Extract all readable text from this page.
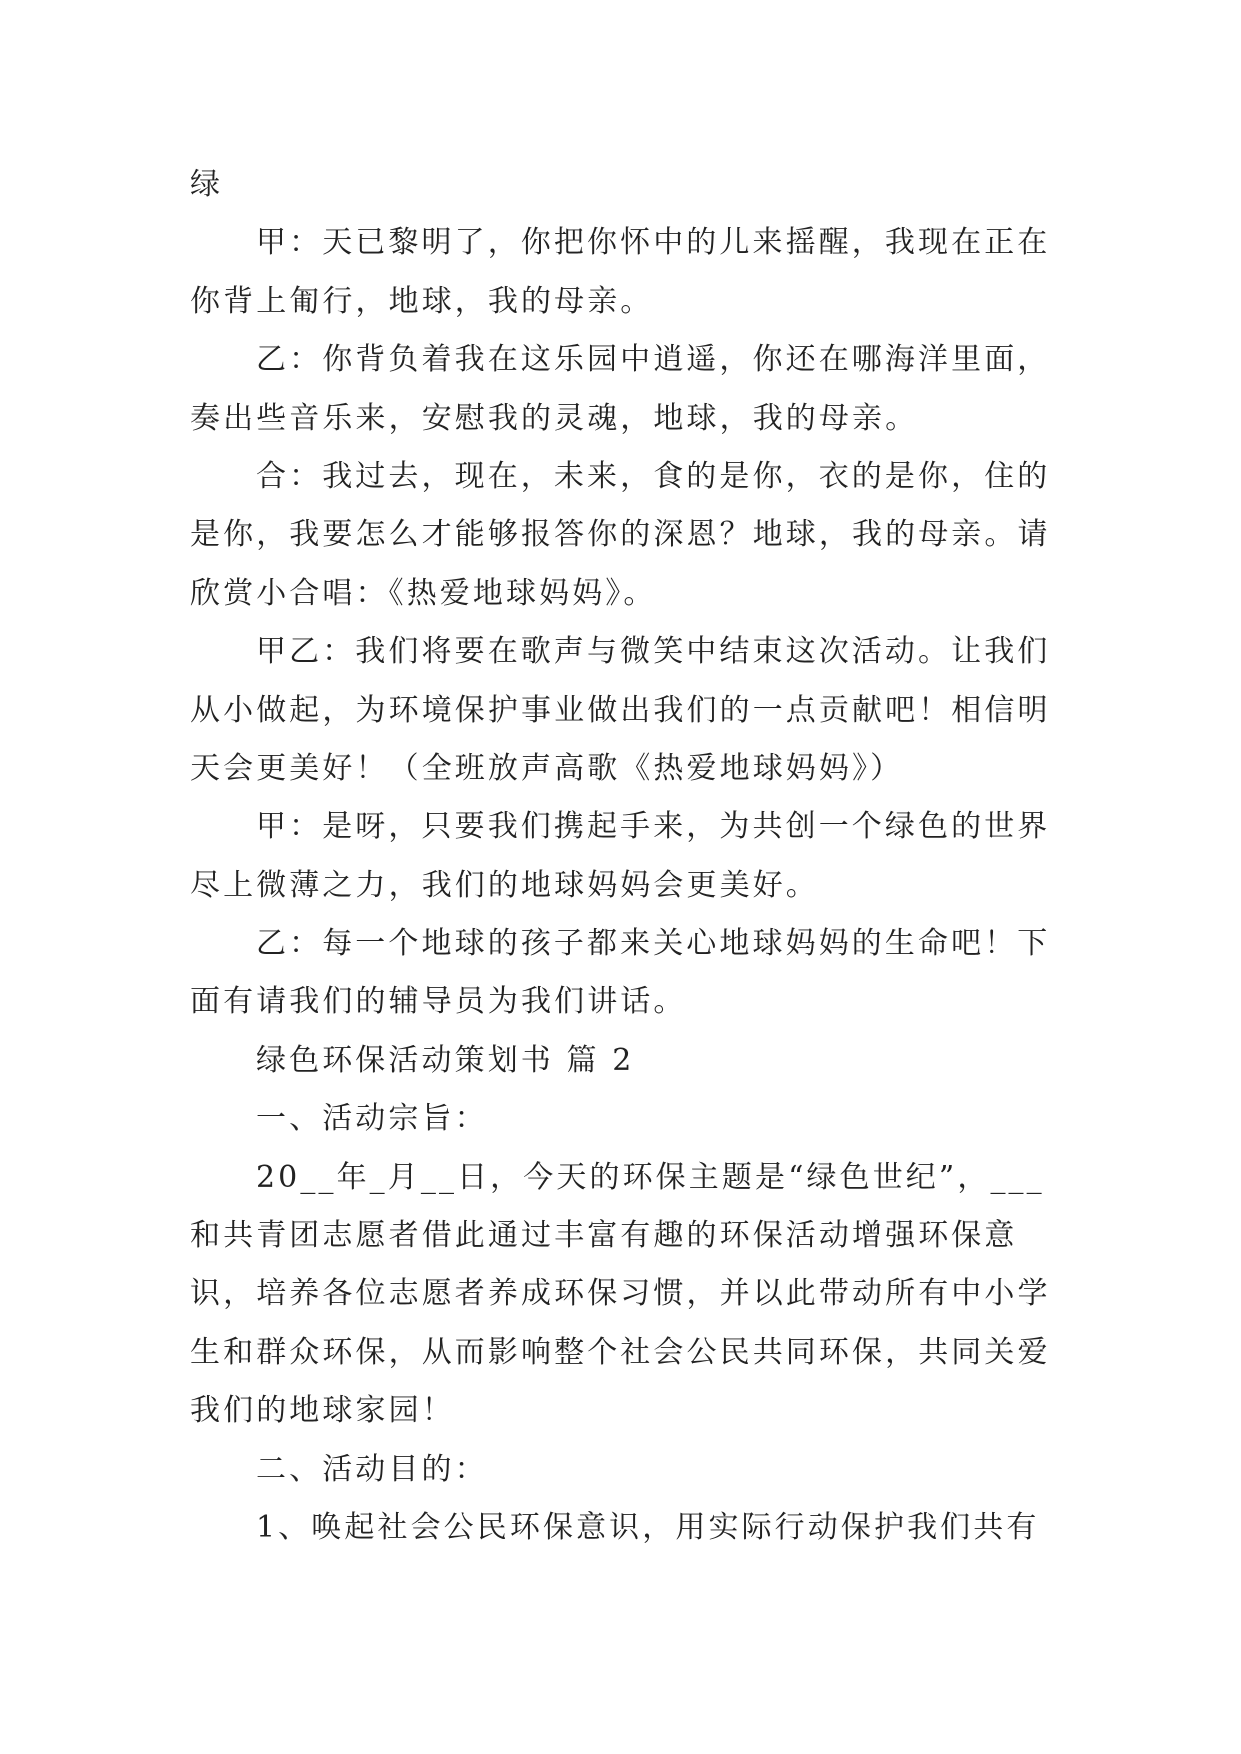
绿
甲：天已黎明了，你把你怀中的儿来摇醒，我现在正在
你背上匍行，地球，我的母亲。
乙：你背负着我在这乐园中逍遥，你还在哪海洋里面，
奏出些音乐来，安慰我的灵魂，地球，我的母亲。
合：我过去，现在，未来，食的是你，衣的是你，住的
是你，我要怎么才能够报答你的深恩？地球，我的母亲。请
欣赏小合唱：《热爱地球妈妈》。
甲乙：我们将要在歌声与微笑中结束这次活动。让我们
从小做起，为环境保护事业做出我们的一点贡献吧！相信明
天会更美好！（全班放声高歌《热爱地球妈妈》）
甲：是呀，只要我们携起手来，为共创一个绿色的世界
尽上微薄之力，我们的地球妈妈会更美好。
乙：每一个地球的孩子都来关心地球妈妈的生命吧！下
面有请我们的辅导员为我们讲话。
绿色环保活动策划书 篇 2
一、活动宗旨：
20__年_月__日，今天的环保主题是“绿色世纪”，___
和共青团志愿者借此通过丰富有趣的环保活动增强环保意
识，培养各位志愿者养成环保习惯，并以此带动所有中小学
生和群众环保，从而影响整个社会公民共同环保，共同关爱
我们的地球家园！
二、活动目的：
1、唤起社会公民环保意识，用实际行动保护我们共有
